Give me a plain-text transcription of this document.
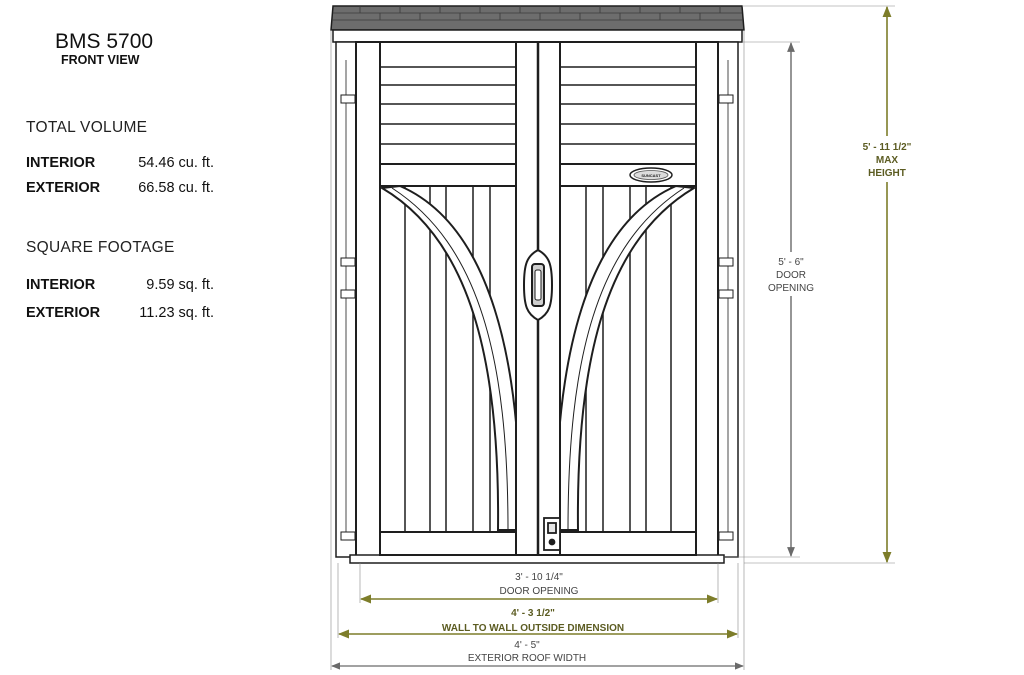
BMS 5700
FRONT VIEW
TOTAL VOLUME
INTERIOR	54.46 cu. ft.
EXTERIOR	66.58 cu. ft.
SQUARE FOOTAGE
INTERIOR	9.59 sq. ft.
EXTERIOR	11.23 sq. ft.
SUNCAST
5' - 11 1/2"
MAX
HEIGHT
5' - 6"
DOOR
OPENING
3' - 10 1/4"
DOOR OPENING
4' - 3 1/2"
WALL TO WALL OUTSIDE DIMENSION
4' - 5"
EXTERIOR ROOF WIDTH
